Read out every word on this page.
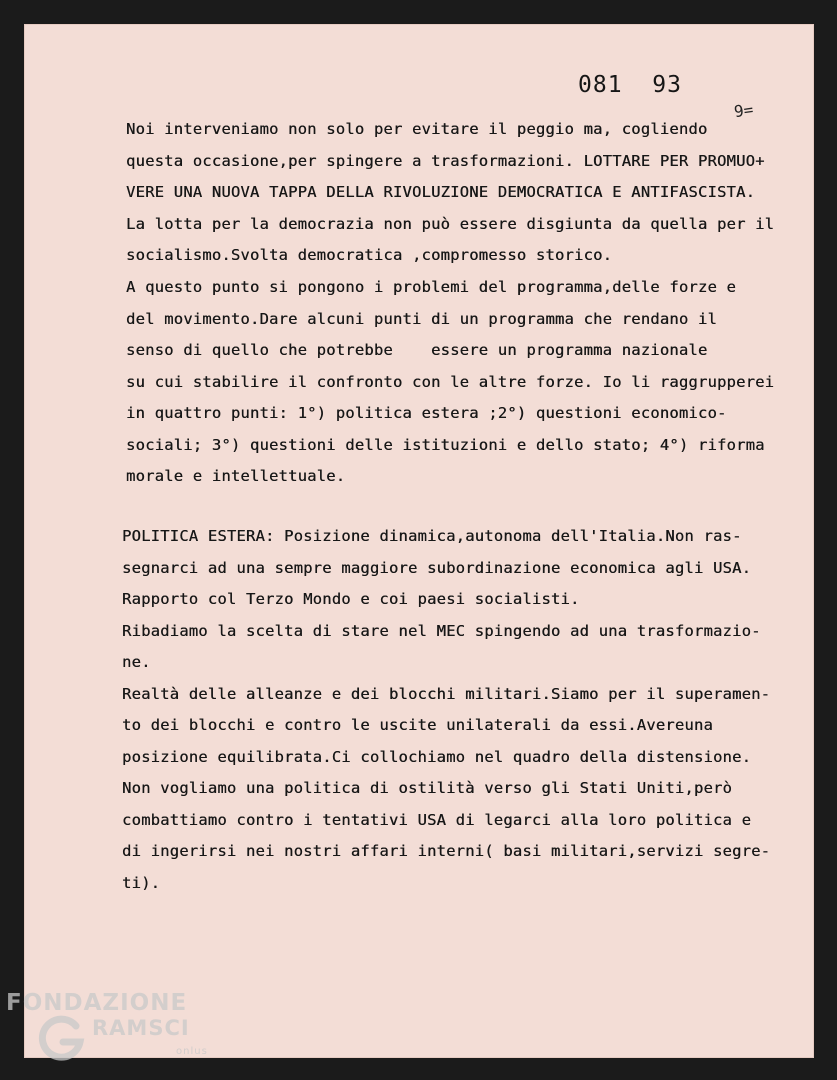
081  93
9=
Noi interveniamo non solo per evitare il peggio ma, cogliendo
questa occasione,per spingere a trasformazioni. LOTTARE PER PROMUO+
VERE UNA NUOVA TAPPA DELLA RIVOLUZIONE DEMOCRATICA E ANTIFASCISTA.
La lotta per la democrazia non può essere disgiunta da quella per il
socialismo.Svolta democratica ,compromesso storico.
A questo punto si pongono i problemi del programma,delle forze e
del movimento.Dare alcuni punti di un programma che rendano il
senso di quello che potrebbe    essere un programma nazionale
su cui stabilire il confronto con le altre forze. Io li raggrupperei
in quattro punti: 1°) politica estera ;2°) questioni economico-
sociali; 3°) questioni delle istituzioni e dello stato; 4°) riforma
morale e intellettuale.
POLITICA ESTERA: Posizione dinamica,autonoma dell'Italia.Non ras-
segnarci ad una sempre maggiore subordinazione economica agli USA.
Rapporto col Terzo Mondo e coi paesi socialisti.
Ribadiamo la scelta di stare nel MEC spingendo ad una trasformazio-
ne.
Realtà delle alleanze e dei blocchi militari.Siamo per il superamen-
to dei blocchi e contro le uscite unilaterali da essi.Avereuna
posizione equilibrata.Ci collochiamo nel quadro della distensione.
Non vogliamo una politica di ostilità verso gli Stati Uniti,però
combattiamo contro i tentativi USA di legarci alla loro politica e
di ingerirsi nei nostri affari interni( basi militari,servizi segre-
ti).
FONDAZIONE
RAMSCI
onlus
